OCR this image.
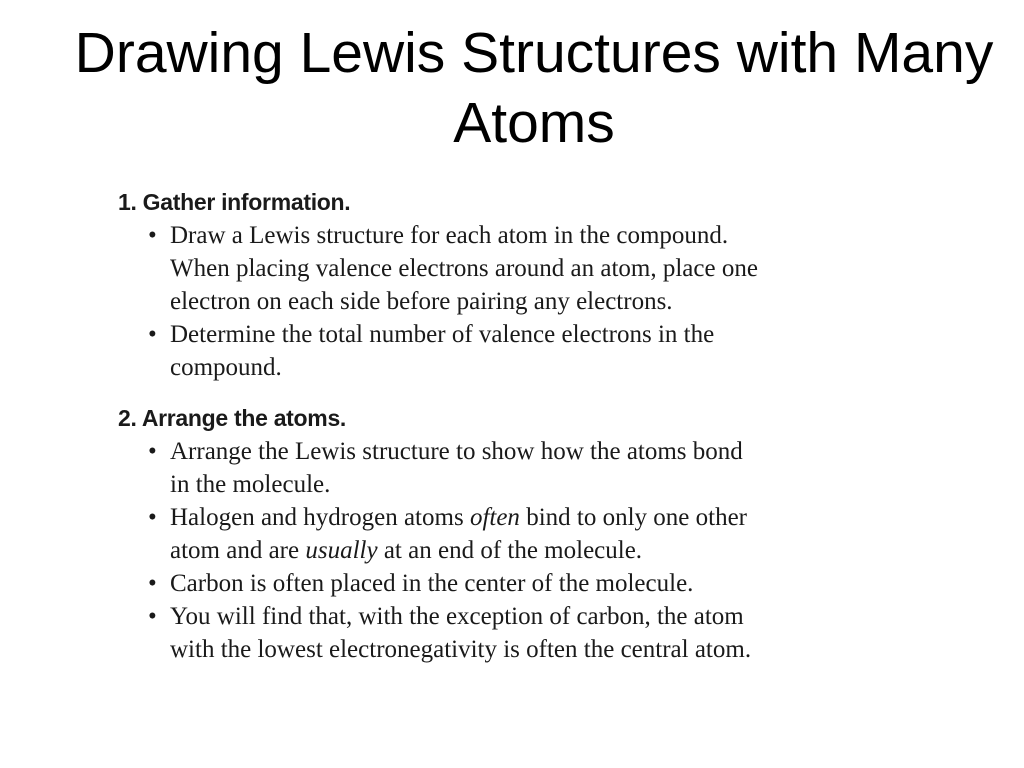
Drawing Lewis Structures with Many Atoms

1. Gather information.

• Draw a Lewis structure for each atom in the compound.
When placing valence electrons around an atom, place one
electron on each side before pairing any electrons.
• Determine the total number of valence electrons in the
compound.

2. Arrange the atoms.

• Arrange the Lewis structure to show how the atoms bond
in the molecule.
• Halogen and hydrogen atoms often bind to only one other
atom and are usually at an end of the molecule.
• Carbon is often placed in the center of the molecule.
• You will find that, with the exception of carbon, the atom
with the lowest electronegativity is often the central atom.
